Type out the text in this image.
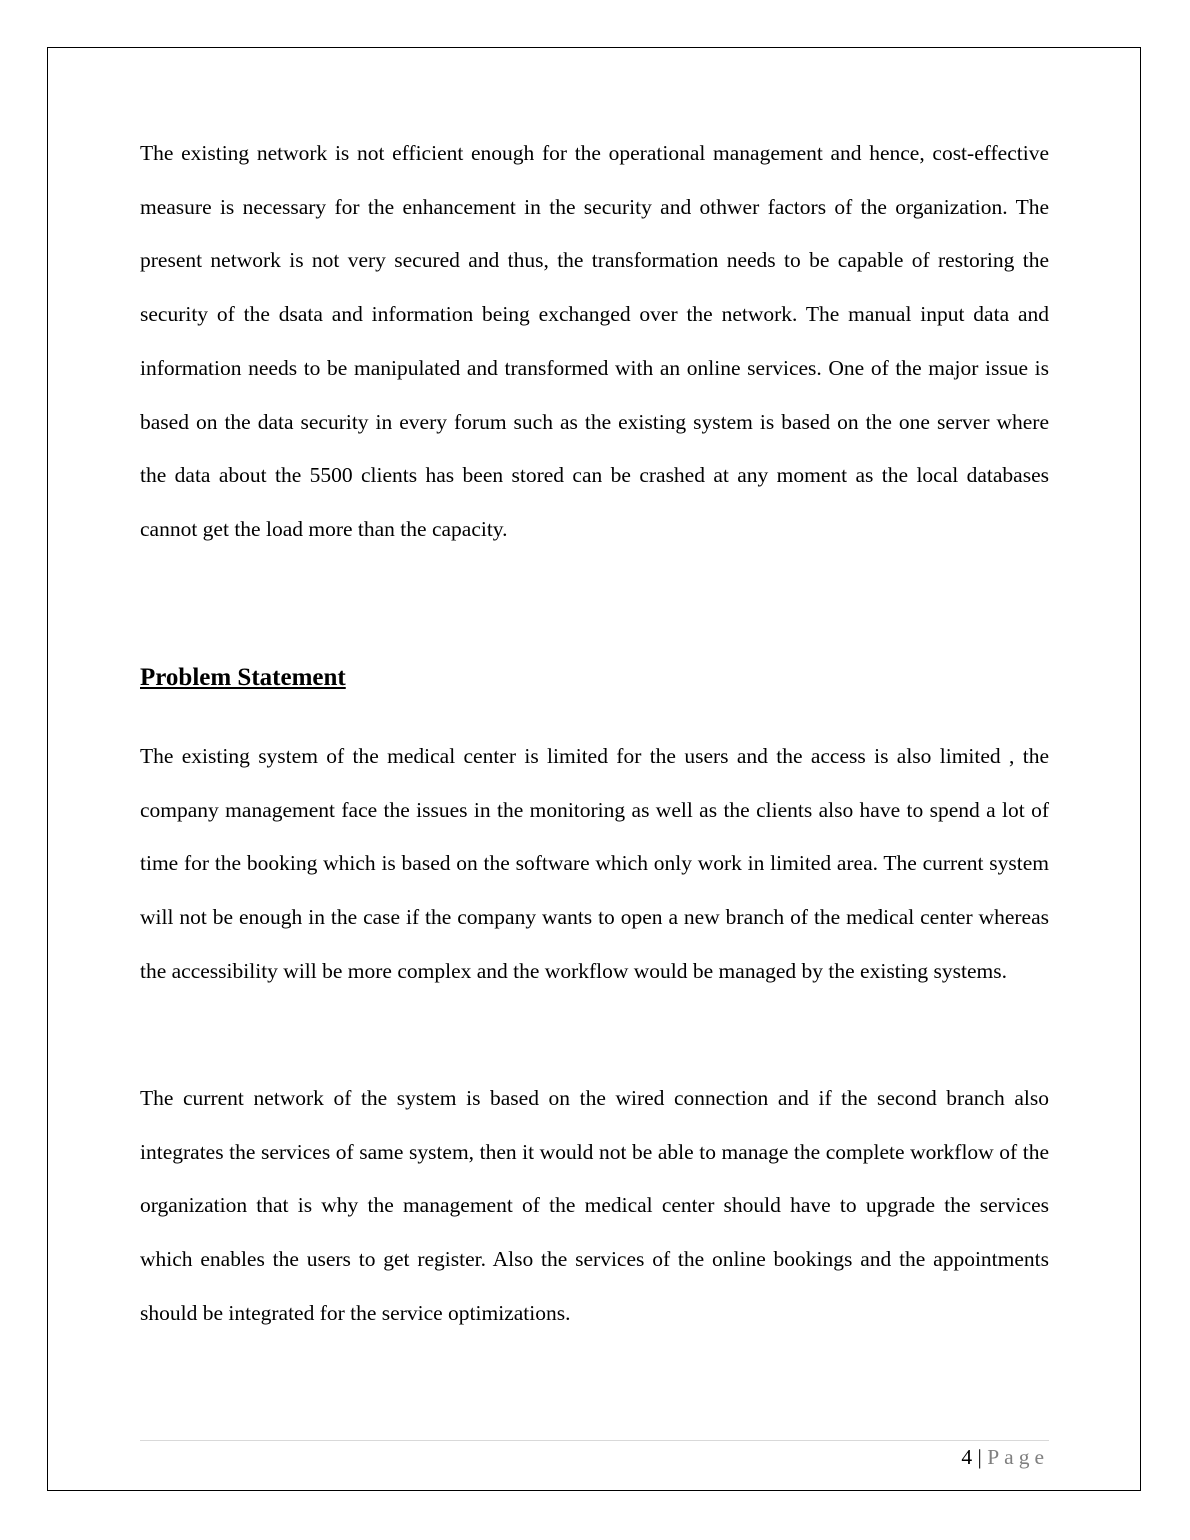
The existing network is not efficient enough for the operational management and hence, cost-effective measure is necessary for the enhancement in the security and othwer factors of the organization. The present network is not very secured and thus, the transformation needs to be capable of restoring the security of the dsata and information being exchanged over the network. The manual input data and information needs to be manipulated and transformed with an online services. One of the major issue is based on the data security in every forum such as the existing system is based on the one server where the data about the 5500 clients has been stored can be crashed at any moment as the local databases cannot get the load more than the capacity.

Problem Statement

The existing system of the medical center is limited for the users and the access is also limited , the company management face the issues in the monitoring as well as the clients also have to spend a lot of time for the booking which is based on the software which only work in limited area. The current system will not be enough in the case if the company wants to open a new branch of the medical center whereas the accessibility will be more complex and the workflow would be managed by the existing systems.

The current network of the system is based on the wired connection and if the second branch also integrates the services of same system, then it would not be able to manage the complete workflow of the organization that is why the management of the medical center should have to upgrade the services which enables the users to get register. Also the services of the online bookings and the appointments should be integrated for the service optimizations.

4 | Page
